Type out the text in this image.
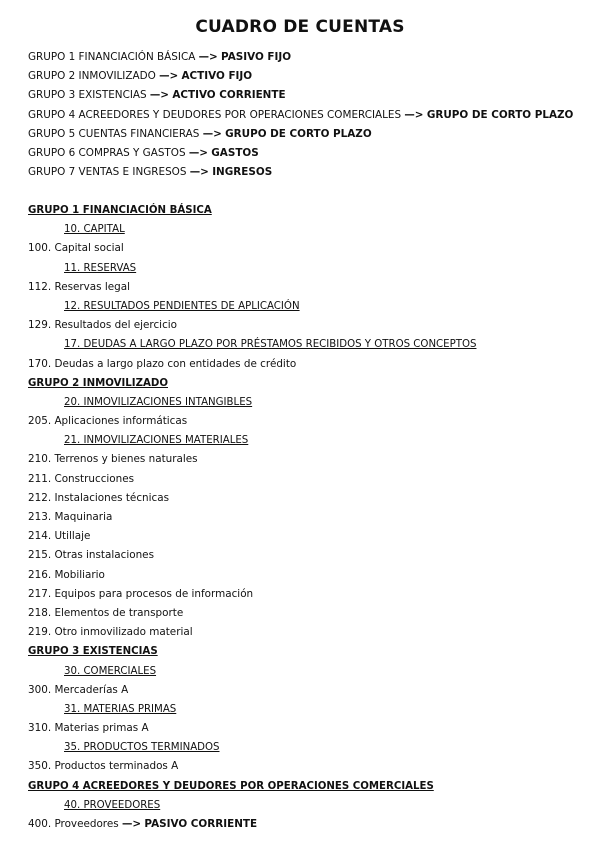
CUADRO DE CUENTAS
GRUPO 1 FINANCIACIÓN BÁSICA —> PASIVO FIJO
GRUPO 2 INMOVILIZADO —> ACTIVO FIJO
GRUPO 3 EXISTENCIAS —> ACTIVO CORRIENTE
GRUPO 4 ACREEDORES Y DEUDORES POR OPERACIONES COMERCIALES —> GRUPO DE CORTO PLAZO
GRUPO 5 CUENTAS FINANCIERAS —> GRUPO DE CORTO PLAZO
GRUPO 6 COMPRAS Y GASTOS —> GASTOS
GRUPO 7 VENTAS E INGRESOS —> INGRESOS
GRUPO 1 FINANCIACIÓN BÁSICA
10. CAPITAL
100. Capital social
11. RESERVAS
112. Reservas legal
12. RESULTADOS PENDIENTES DE APLICACIÓN
129. Resultados del ejercicio
17. DEUDAS A LARGO PLAZO POR PRÉSTAMOS RECIBIDOS Y OTROS CONCEPTOS
170. Deudas a largo plazo con entidades de crédito
GRUPO 2 INMOVILIZADO
20. INMOVILIZACIONES INTANGIBLES
205. Aplicaciones informáticas
21. INMOVILIZACIONES MATERIALES
210. Terrenos y bienes naturales
211. Construcciones
212. Instalaciones técnicas
213. Maquinaria
214. Utillaje
215. Otras instalaciones
216. Mobiliario
217. Equipos para procesos de información
218. Elementos de transporte
219. Otro inmovilizado material
GRUPO 3 EXISTENCIAS
30. COMERCIALES
300. Mercaderías A
31. MATERIAS PRIMAS
310. Materias primas A
35. PRODUCTOS TERMINADOS
350. Productos terminados A
GRUPO 4 ACREEDORES Y DEUDORES POR OPERACIONES COMERCIALES
40. PROVEEDORES
400. Proveedores —> PASIVO CORRIENTE
